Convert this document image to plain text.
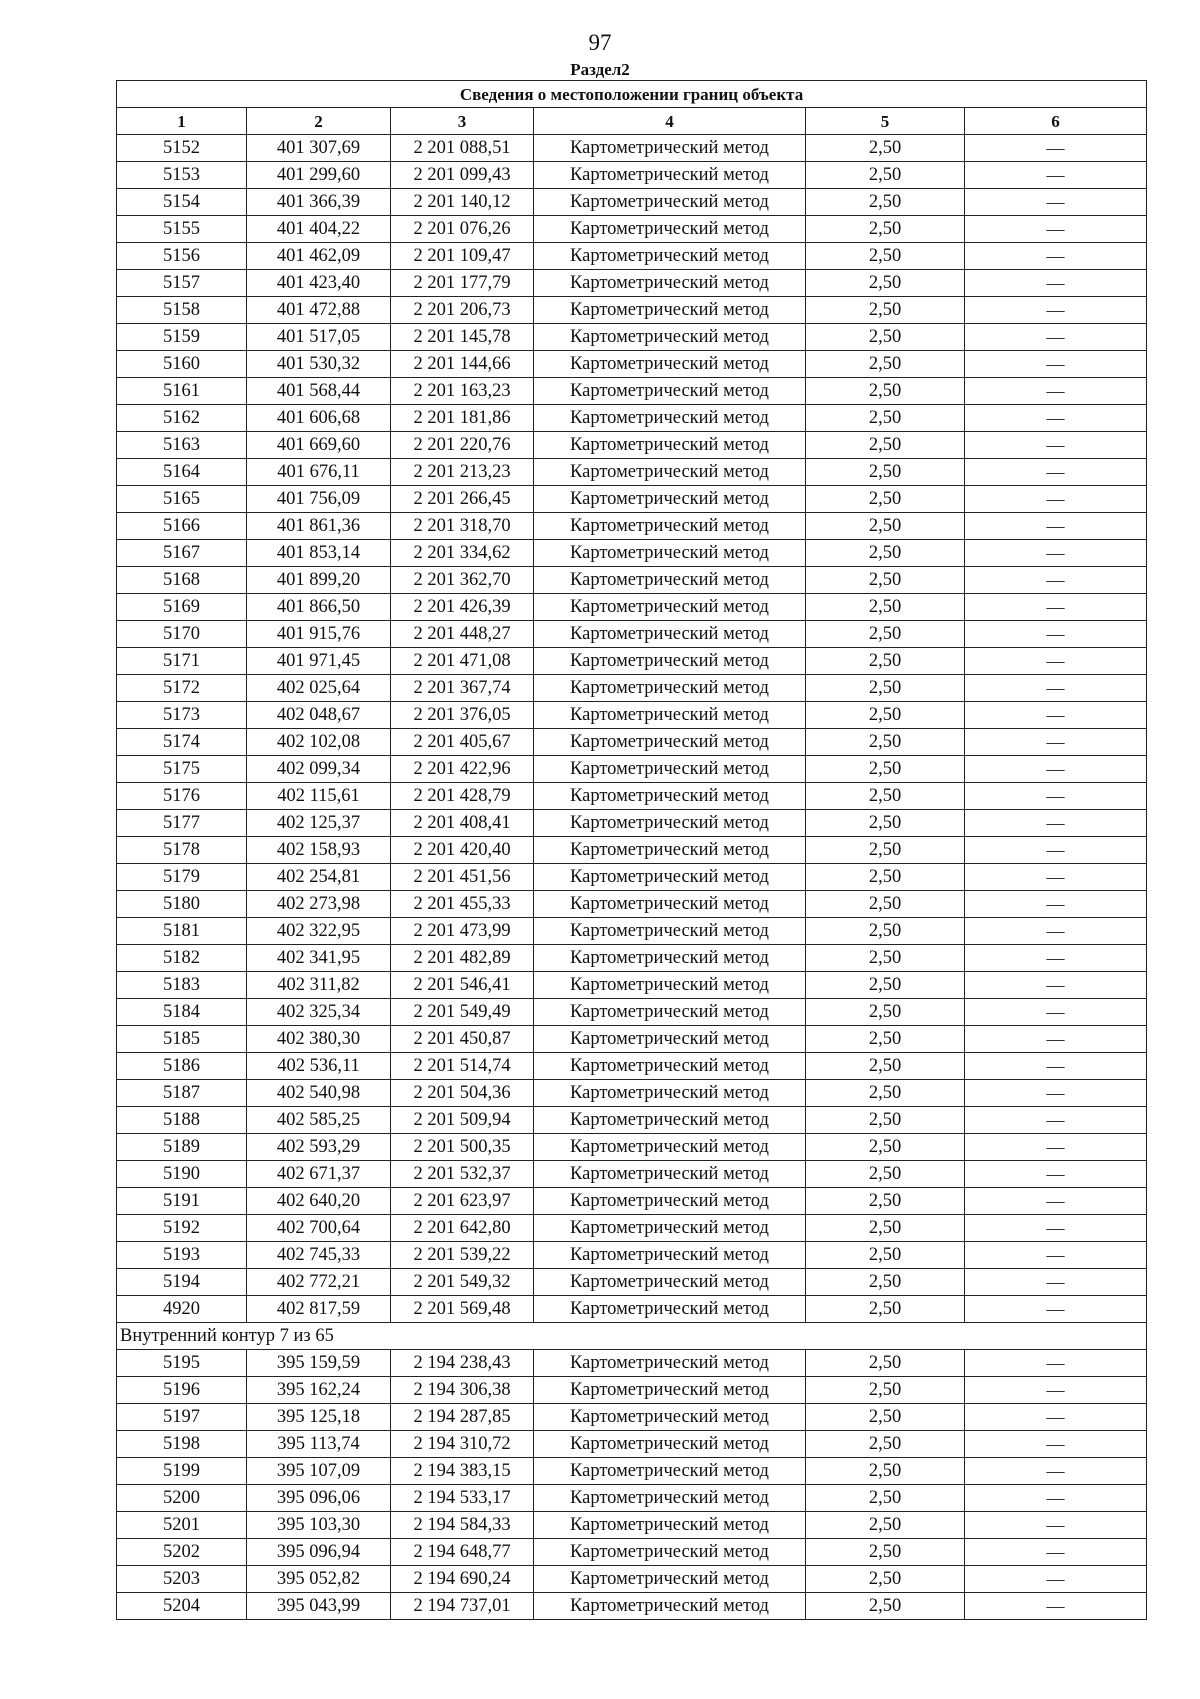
97
Раздел2
Сведения о местоположении границ объекта					
1	2	3	4	5	6
5152	401 307,69	2 201 088,51	Картометрический метод	2,50	—
5153	401 299,60	2 201 099,43	Картометрический метод	2,50	—
5154	401 366,39	2 201 140,12	Картометрический метод	2,50	—
5155	401 404,22	2 201 076,26	Картометрический метод	2,50	—
5156	401 462,09	2 201 109,47	Картометрический метод	2,50	—
5157	401 423,40	2 201 177,79	Картометрический метод	2,50	—
5158	401 472,88	2 201 206,73	Картометрический метод	2,50	—
5159	401 517,05	2 201 145,78	Картометрический метод	2,50	—
5160	401 530,32	2 201 144,66	Картометрический метод	2,50	—
5161	401 568,44	2 201 163,23	Картометрический метод	2,50	—
5162	401 606,68	2 201 181,86	Картометрический метод	2,50	—
5163	401 669,60	2 201 220,76	Картометрический метод	2,50	—
5164	401 676,11	2 201 213,23	Картометрический метод	2,50	—
5165	401 756,09	2 201 266,45	Картометрический метод	2,50	—
5166	401 861,36	2 201 318,70	Картометрический метод	2,50	—
5167	401 853,14	2 201 334,62	Картометрический метод	2,50	—
5168	401 899,20	2 201 362,70	Картометрический метод	2,50	—
5169	401 866,50	2 201 426,39	Картометрический метод	2,50	—
5170	401 915,76	2 201 448,27	Картометрический метод	2,50	—
5171	401 971,45	2 201 471,08	Картометрический метод	2,50	—
5172	402 025,64	2 201 367,74	Картометрический метод	2,50	—
5173	402 048,67	2 201 376,05	Картометрический метод	2,50	—
5174	402 102,08	2 201 405,67	Картометрический метод	2,50	—
5175	402 099,34	2 201 422,96	Картометрический метод	2,50	—
5176	402 115,61	2 201 428,79	Картометрический метод	2,50	—
5177	402 125,37	2 201 408,41	Картометрический метод	2,50	—
5178	402 158,93	2 201 420,40	Картометрический метод	2,50	—
5179	402 254,81	2 201 451,56	Картометрический метод	2,50	—
5180	402 273,98	2 201 455,33	Картометрический метод	2,50	—
5181	402 322,95	2 201 473,99	Картометрический метод	2,50	—
5182	402 341,95	2 201 482,89	Картометрический метод	2,50	—
5183	402 311,82	2 201 546,41	Картометрический метод	2,50	—
5184	402 325,34	2 201 549,49	Картометрический метод	2,50	—
5185	402 380,30	2 201 450,87	Картометрический метод	2,50	—
5186	402 536,11	2 201 514,74	Картометрический метод	2,50	—
5187	402 540,98	2 201 504,36	Картометрический метод	2,50	—
5188	402 585,25	2 201 509,94	Картометрический метод	2,50	—
5189	402 593,29	2 201 500,35	Картометрический метод	2,50	—
5190	402 671,37	2 201 532,37	Картометрический метод	2,50	—
5191	402 640,20	2 201 623,97	Картометрический метод	2,50	—
5192	402 700,64	2 201 642,80	Картометрический метод	2,50	—
5193	402 745,33	2 201 539,22	Картометрический метод	2,50	—
5194	402 772,21	2 201 549,32	Картометрический метод	2,50	—
4920	402 817,59	2 201 569,48	Картометрический метод	2,50	—
Внутренний контур 7 из 65					
5195	395 159,59	2 194 238,43	Картометрический метод	2,50	—
5196	395 162,24	2 194 306,38	Картометрический метод	2,50	—
5197	395 125,18	2 194 287,85	Картометрический метод	2,50	—
5198	395 113,74	2 194 310,72	Картометрический метод	2,50	—
5199	395 107,09	2 194 383,15	Картометрический метод	2,50	—
5200	395 096,06	2 194 533,17	Картометрический метод	2,50	—
5201	395 103,30	2 194 584,33	Картометрический метод	2,50	—
5202	395 096,94	2 194 648,77	Картометрический метод	2,50	—
5203	395 052,82	2 194 690,24	Картометрический метод	2,50	—
5204	395 043,99	2 194 737,01	Картометрический метод	2,50	—
